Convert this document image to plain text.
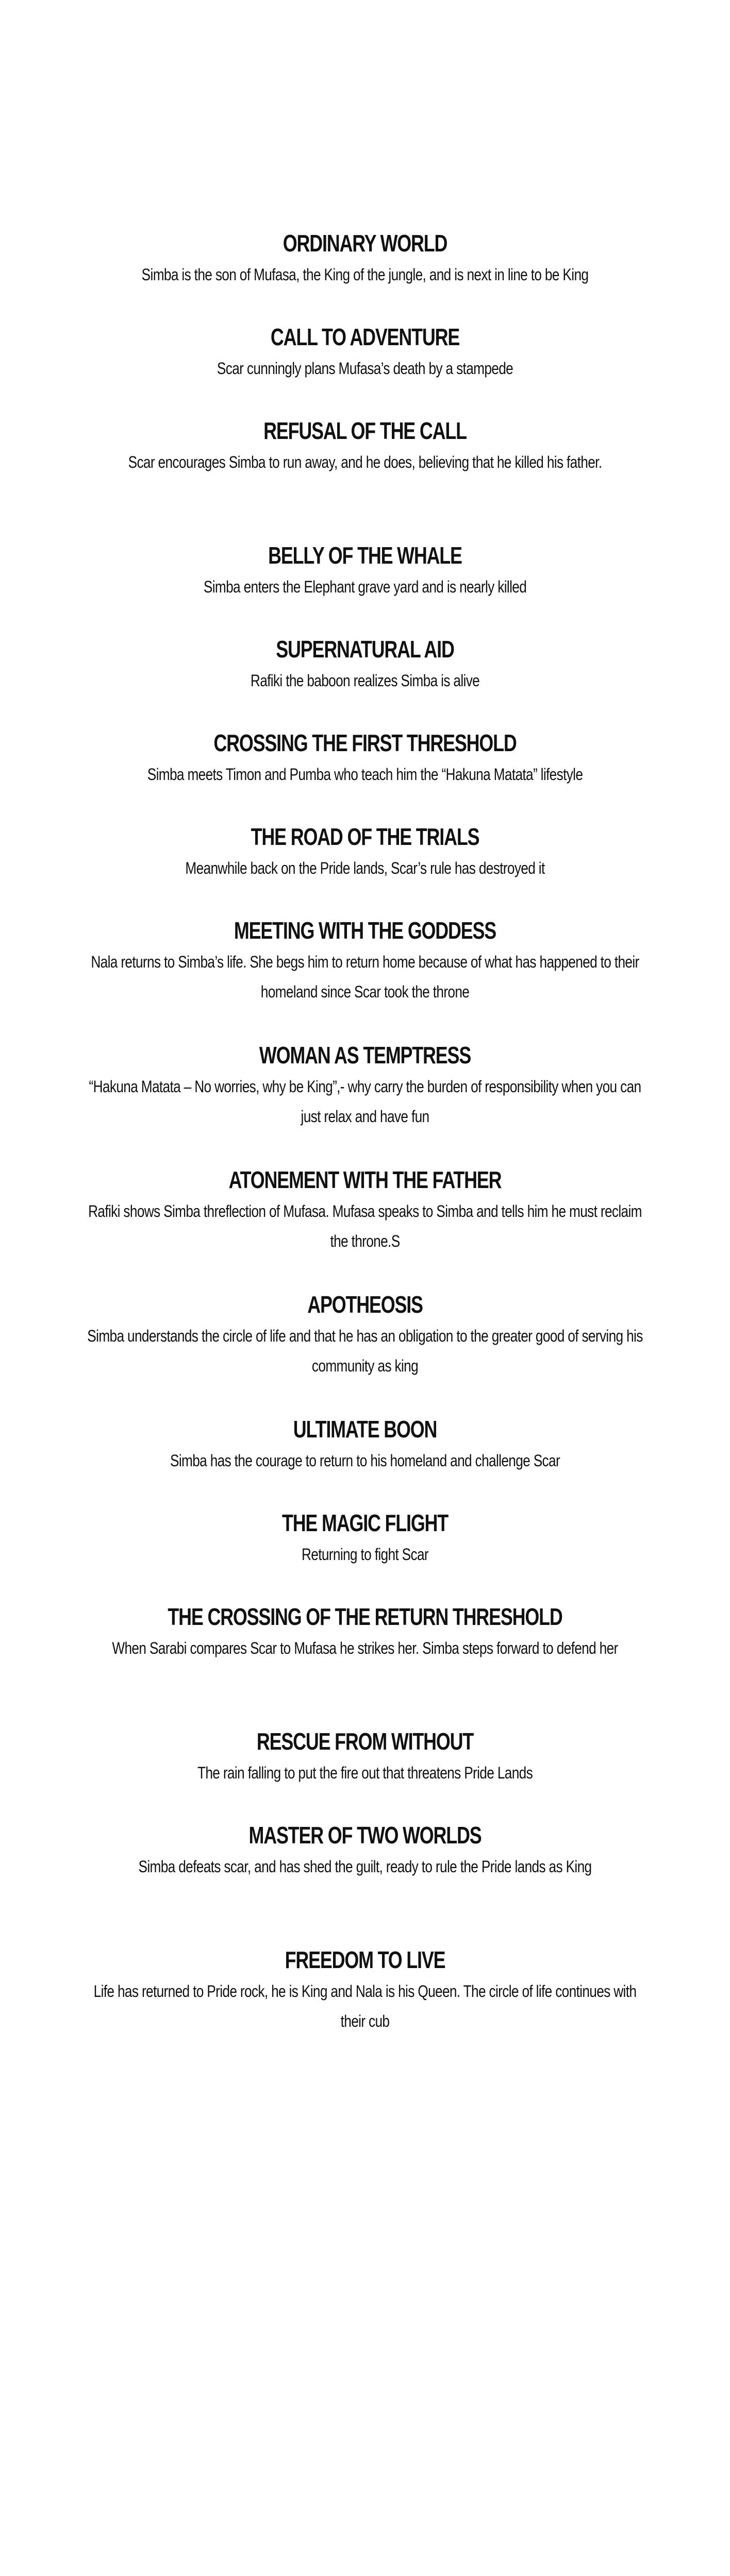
ORDINARY WORLD

Simba is the son of Mufasa, the King of the jungle, and is next in line to be King

CALL TO ADVENTURE

Scar cunningly plans Mufasa’s death by a stampede

REFUSAL OF THE CALL

Scar encourages Simba to run away, and he does, believing that he killed his father.

BELLY OF THE WHALE

Simba enters the Elephant grave yard and is nearly killed

SUPERNATURAL AID

Rafiki the baboon realizes Simba is alive

CROSSING THE FIRST THRESHOLD

Simba meets Timon and Pumba who teach him the “Hakuna Matata” lifestyle

THE ROAD OF THE TRIALS

Meanwhile back on the Pride lands, Scar’s rule has destroyed it

MEETING WITH THE GODDESS

Nala returns to Simba’s life. She begs him to return home because of what has happened to their homeland since Scar took the throne

WOMAN AS TEMPTRESS

“Hakuna Matata – No worries, why be King”,- why carry the burden of responsibility when you can just relax and have fun

ATONEMENT WITH THE FATHER

Rafiki shows Simba threflection of Mufasa. Mufasa speaks to Simba and tells him he must reclaim the throne.S

APOTHEOSIS

Simba understands the circle of life and that he has an obligation to the greater good of serving his community as king

ULTIMATE BOON

Simba has the courage to return to his homeland and challenge Scar

THE MAGIC FLIGHT

Returning to fight Scar

THE CROSSING OF THE RETURN THRESHOLD

When Sarabi compares Scar to Mufasa he strikes her. Simba steps forward to defend her

RESCUE FROM WITHOUT

The rain falling to put the fire out that threatens Pride Lands

MASTER OF TWO WORLDS

Simba defeats scar, and has shed the guilt, ready to rule the Pride lands as King

FREEDOM TO LIVE

Life has returned to Pride rock, he is King and Nala is his Queen. The circle of life continues with their cub
